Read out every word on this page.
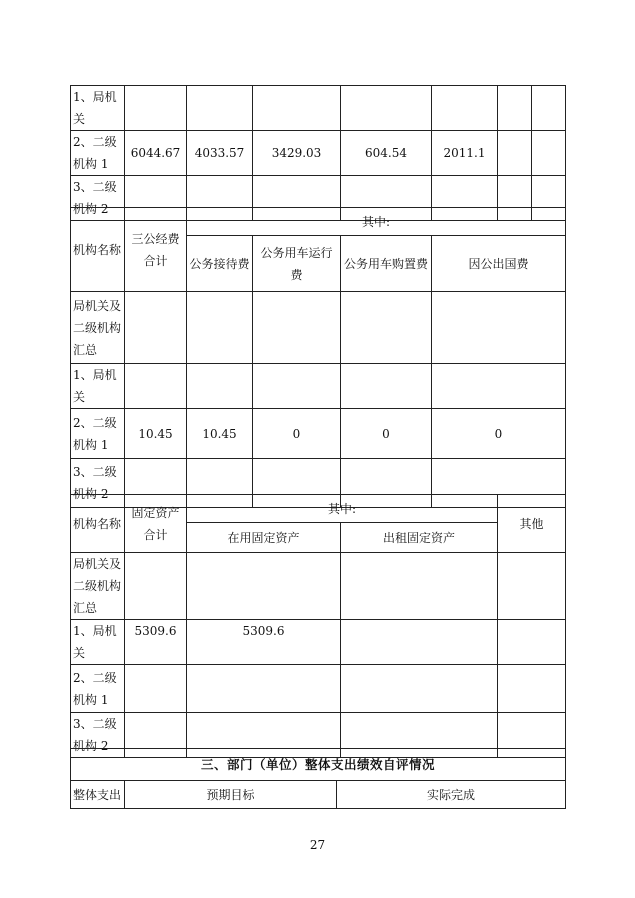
1、局机关							
2、二级机构 1	6044.67	4033.57	3429.03	604.54	2011.1		
3、二级机构 2							
机构名称	三公经费合计	其中:			
		公务接待费	公务用车运行费	公务用车购置费	因公出国费
局机关及二级机构汇总					
1、局机关					
2、二级机构 1	10.45	10.45	0	0	0
3、二级机构 2					
机构名称	固定资产合计	其中:		其他
		在用固定资产	出租固定资产	
局机关及二级机构汇总				
1、局机关	5309.6	5309.6		
2、二级机构 1				
3、二级机构 2				
三、部门（单位）整体支出绩效自评情况
整体支出	预期目标	实际完成
27
